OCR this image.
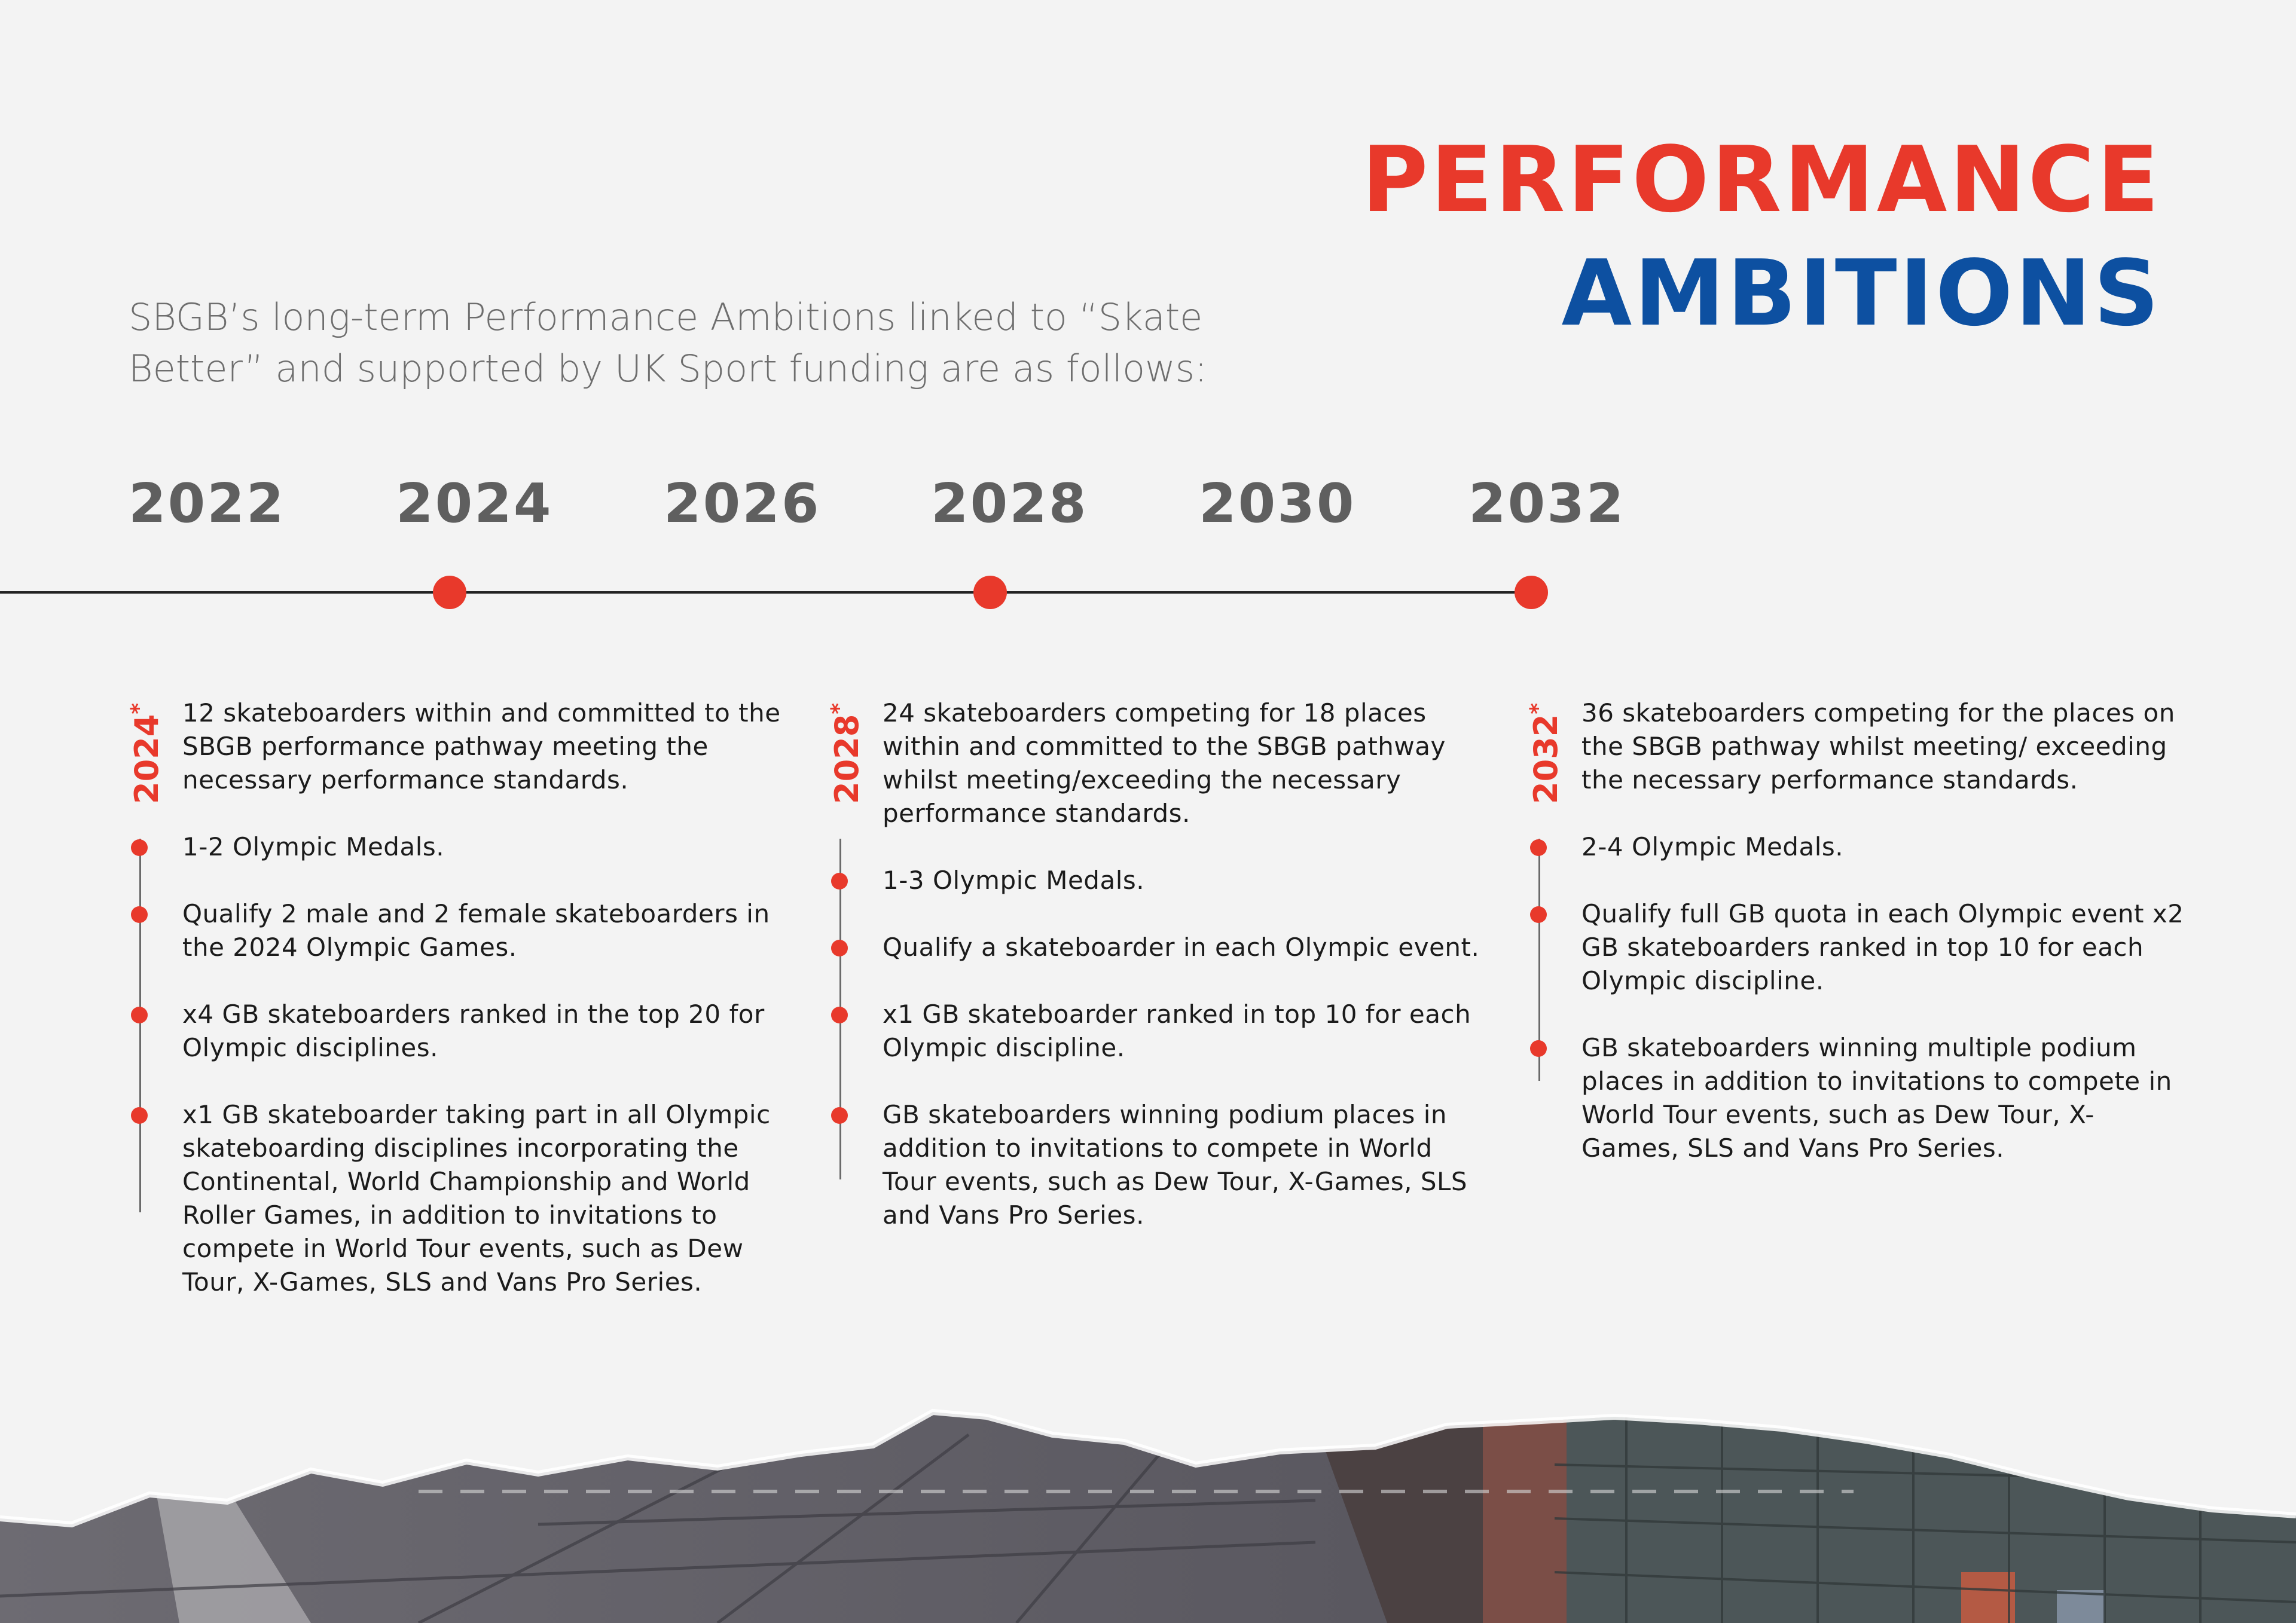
PERFORMANCE
AMBITIONS

SBGB’s long-term Performance Ambitions linked to “Skate Better” and supported by UK Sport funding are as follows:

2022 2024 2026 2028 2030 2032
2024*	12 skateboarders within and committed to the SBGB performance pathway meeting the necessary performance standards.

1-2 Olympic Medals.

Qualify 2 male and 2 female skateboarders in the 2024 Olympic Games.

x4 GB skateboarders ranked in the top 20 for Olympic disciplines.

x1 GB skateboarder taking part in all Olympic skateboarding disciplines incorporating the Continental, World Championship and World Roller Games, in addition to invitations to compete in World Tour events, such as Dew Tour, X-Games, SLS and Vans Pro Series.

2028*	24 skateboarders competing for 18 places within and committed to the SBGB pathway whilst meeting/exceeding the necessary performance standards.

1-3 Olympic Medals.

Qualify a skateboarder in each Olympic event.

x1 GB skateboarder ranked in top 10 for each Olympic discipline.

GB skateboarders winning podium places in addition to invitations to compete in World Tour events, such as Dew Tour, X-Games, SLS and Vans Pro Series.

2032*	36 skateboarders competing for the places on the SBGB pathway whilst meeting/ exceeding the necessary performance standards.

2-4 Olympic Medals.

Qualify full GB quota in each Olympic event x2 GB skateboarders ranked in top 10 for each Olympic discipline.

GB skateboarders winning multiple podium places in addition to invitations to compete in World Tour events, such as Dew Tour, X-Games, SLS and Vans Pro Series.
